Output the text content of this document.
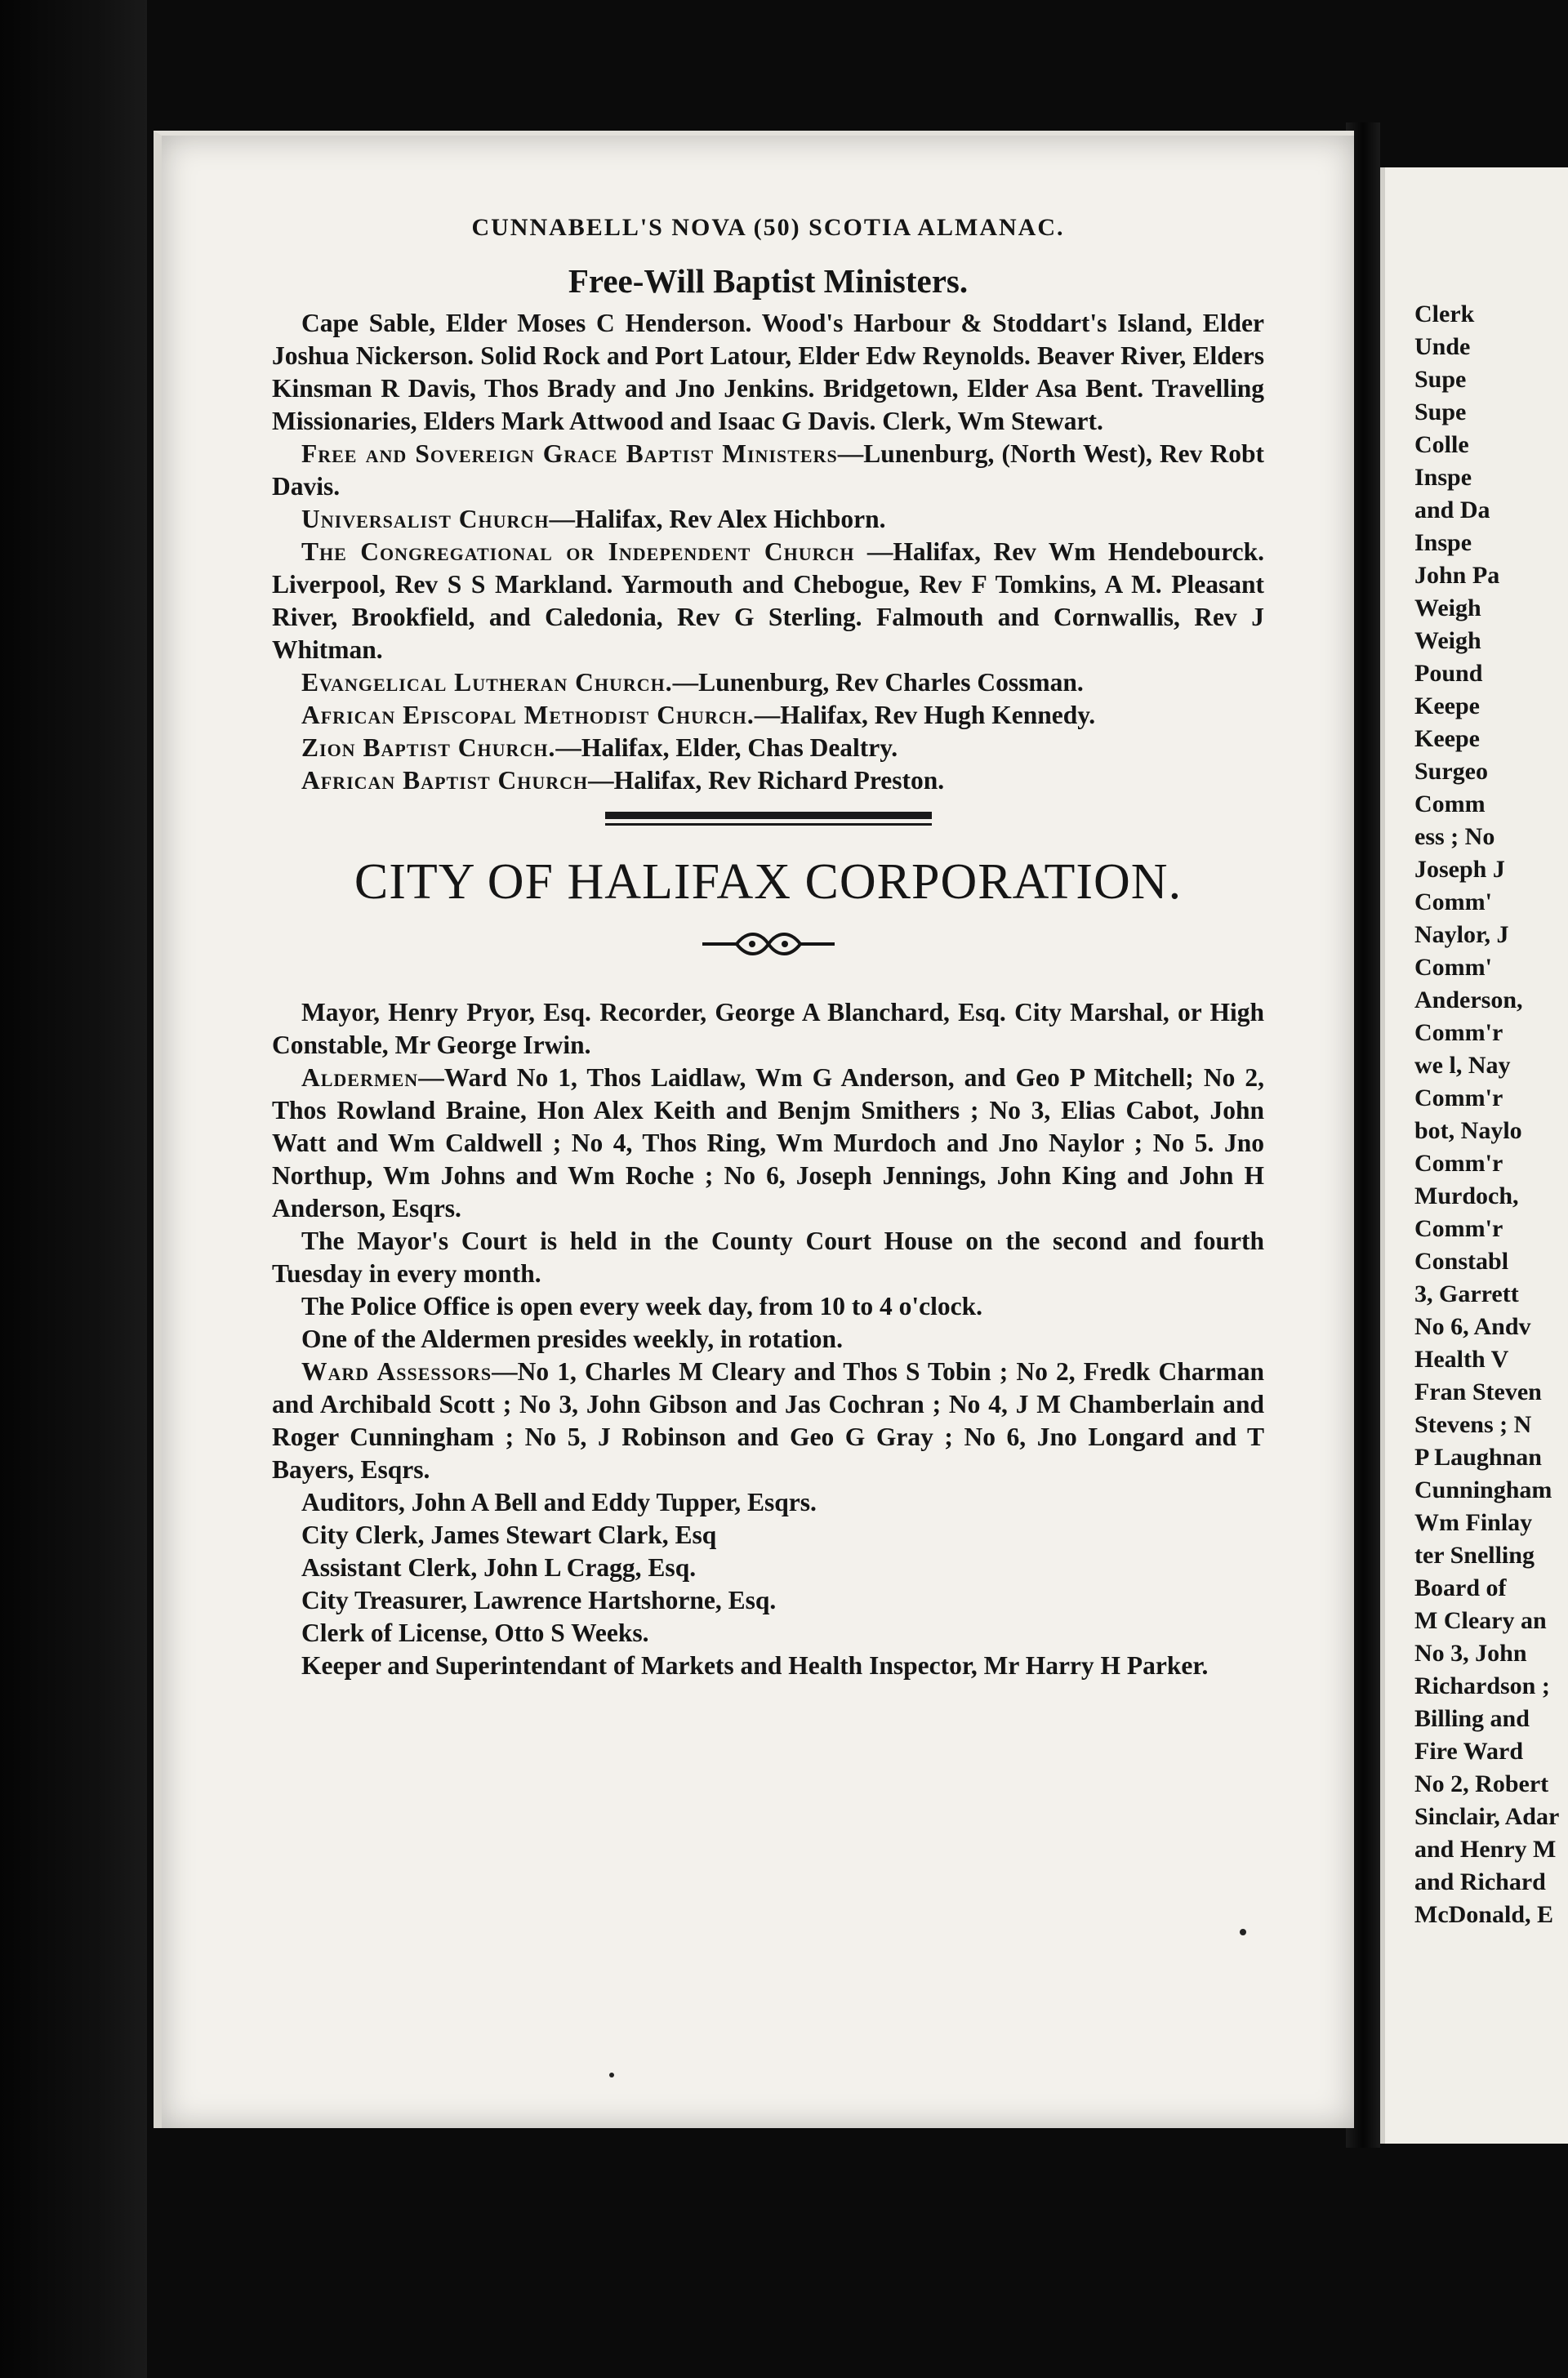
CUNNABELL'S NOVA (50) SCOTIA ALMANAC.
Free-Will Baptist Ministers.

Cape Sable, Elder Moses C Henderson. Wood's Harbour & Stoddart's Island, Elder Joshua Nickerson. Solid Rock and Port Latour, Elder Edw Reynolds. Beaver River, Elders Kinsman R Davis, Thos Brady and Jno Jenkins. Bridgetown, Elder Asa Bent. Travelling Missionaries, Elders Mark Attwood and Isaac G Davis. Clerk, Wm Stewart.

Free and Sovereign Grace Baptist Ministers—Lunenburg, (North West), Rev Robt Davis.

Universalist Church—Halifax, Rev Alex Hichborn.

The Congregational or Independent Church —Halifax, Rev Wm Hendebourck. Liverpool, Rev S S Markland. Yarmouth and Chebogue, Rev F Tomkins, A M. Pleasant River, Brookfield, and Caledonia, Rev G Sterling. Falmouth and Cornwallis, Rev J Whitman.

Evangelical Lutheran Church.—Lunenburg, Rev Charles Cossman.

African Episcopal Methodist Church.—Halifax, Rev Hugh Kennedy.

Zion Baptist Church.—Halifax, Elder, Chas Dealtry.

African Baptist Church—Halifax, Rev Richard Preston.

CITY OF HALIFAX CORPORATION.

Mayor, Henry Pryor, Esq. Recorder, George A Blanchard, Esq. City Marshal, or High Constable, Mr George Irwin.

Aldermen—Ward No 1, Thos Laidlaw, Wm G Anderson, and Geo P Mitchell; No 2, Thos Rowland Braine, Hon Alex Keith and Benjm Smithers ; No 3, Elias Cabot, John Watt and Wm Caldwell ; No 4, Thos Ring, Wm Murdoch and Jno Naylor ; No 5. Jno Northup, Wm Johns and Wm Roche ; No 6, Joseph Jennings, John King and John H Anderson, Esqrs.

The Mayor's Court is held in the County Court House on the second and fourth Tuesday in every month.

The Police Office is open every week day, from 10 to 4 o'clock.

One of the Aldermen presides weekly, in rotation.

Ward Assessors—No 1, Charles M Cleary and Thos S Tobin ; No 2, Fredk Charman and Archibald Scott ; No 3, John Gibson and Jas Cochran ; No 4, J M Chamberlain and Roger Cunningham ; No 5, J Robinson and Geo G Gray ; No 6, Jno Longard and T Bayers, Esqrs.

Auditors, John A Bell and Eddy Tupper, Esqrs.

City Clerk, James Stewart Clark, Esq

Assistant Clerk, John L Cragg, Esq.

City Treasurer, Lawrence Hartshorne, Esq.

Clerk of License, Otto S Weeks.

Keeper and Superintendant of Markets and Health Inspector, Mr Harry H Parker.

Clerk
Unde
Supe
Supe
Colle
Inspe
and Da
Inspe
John Pa
Weigh
Weigh
Pound
Keepe
Keepe
Surgeo
Comm
ess ; No
Joseph J
Comm'
Naylor, J
Comm'
Anderson,
Comm'r
we l, Nay
Comm'r
bot, Naylo
Comm'r
Murdoch,
Comm'r
Constabl
3, Garrett
No 6, Andv
Health V
Fran Steven
Stevens ; N
P Laughnan
Cunningham
Wm Finlay
ter Snelling
Board of
M Cleary an
No 3, John
Richardson ;
Billing and
Fire Ward
No 2, Robert
Sinclair, Adar
and Henry M
and Richard
McDonald, E
